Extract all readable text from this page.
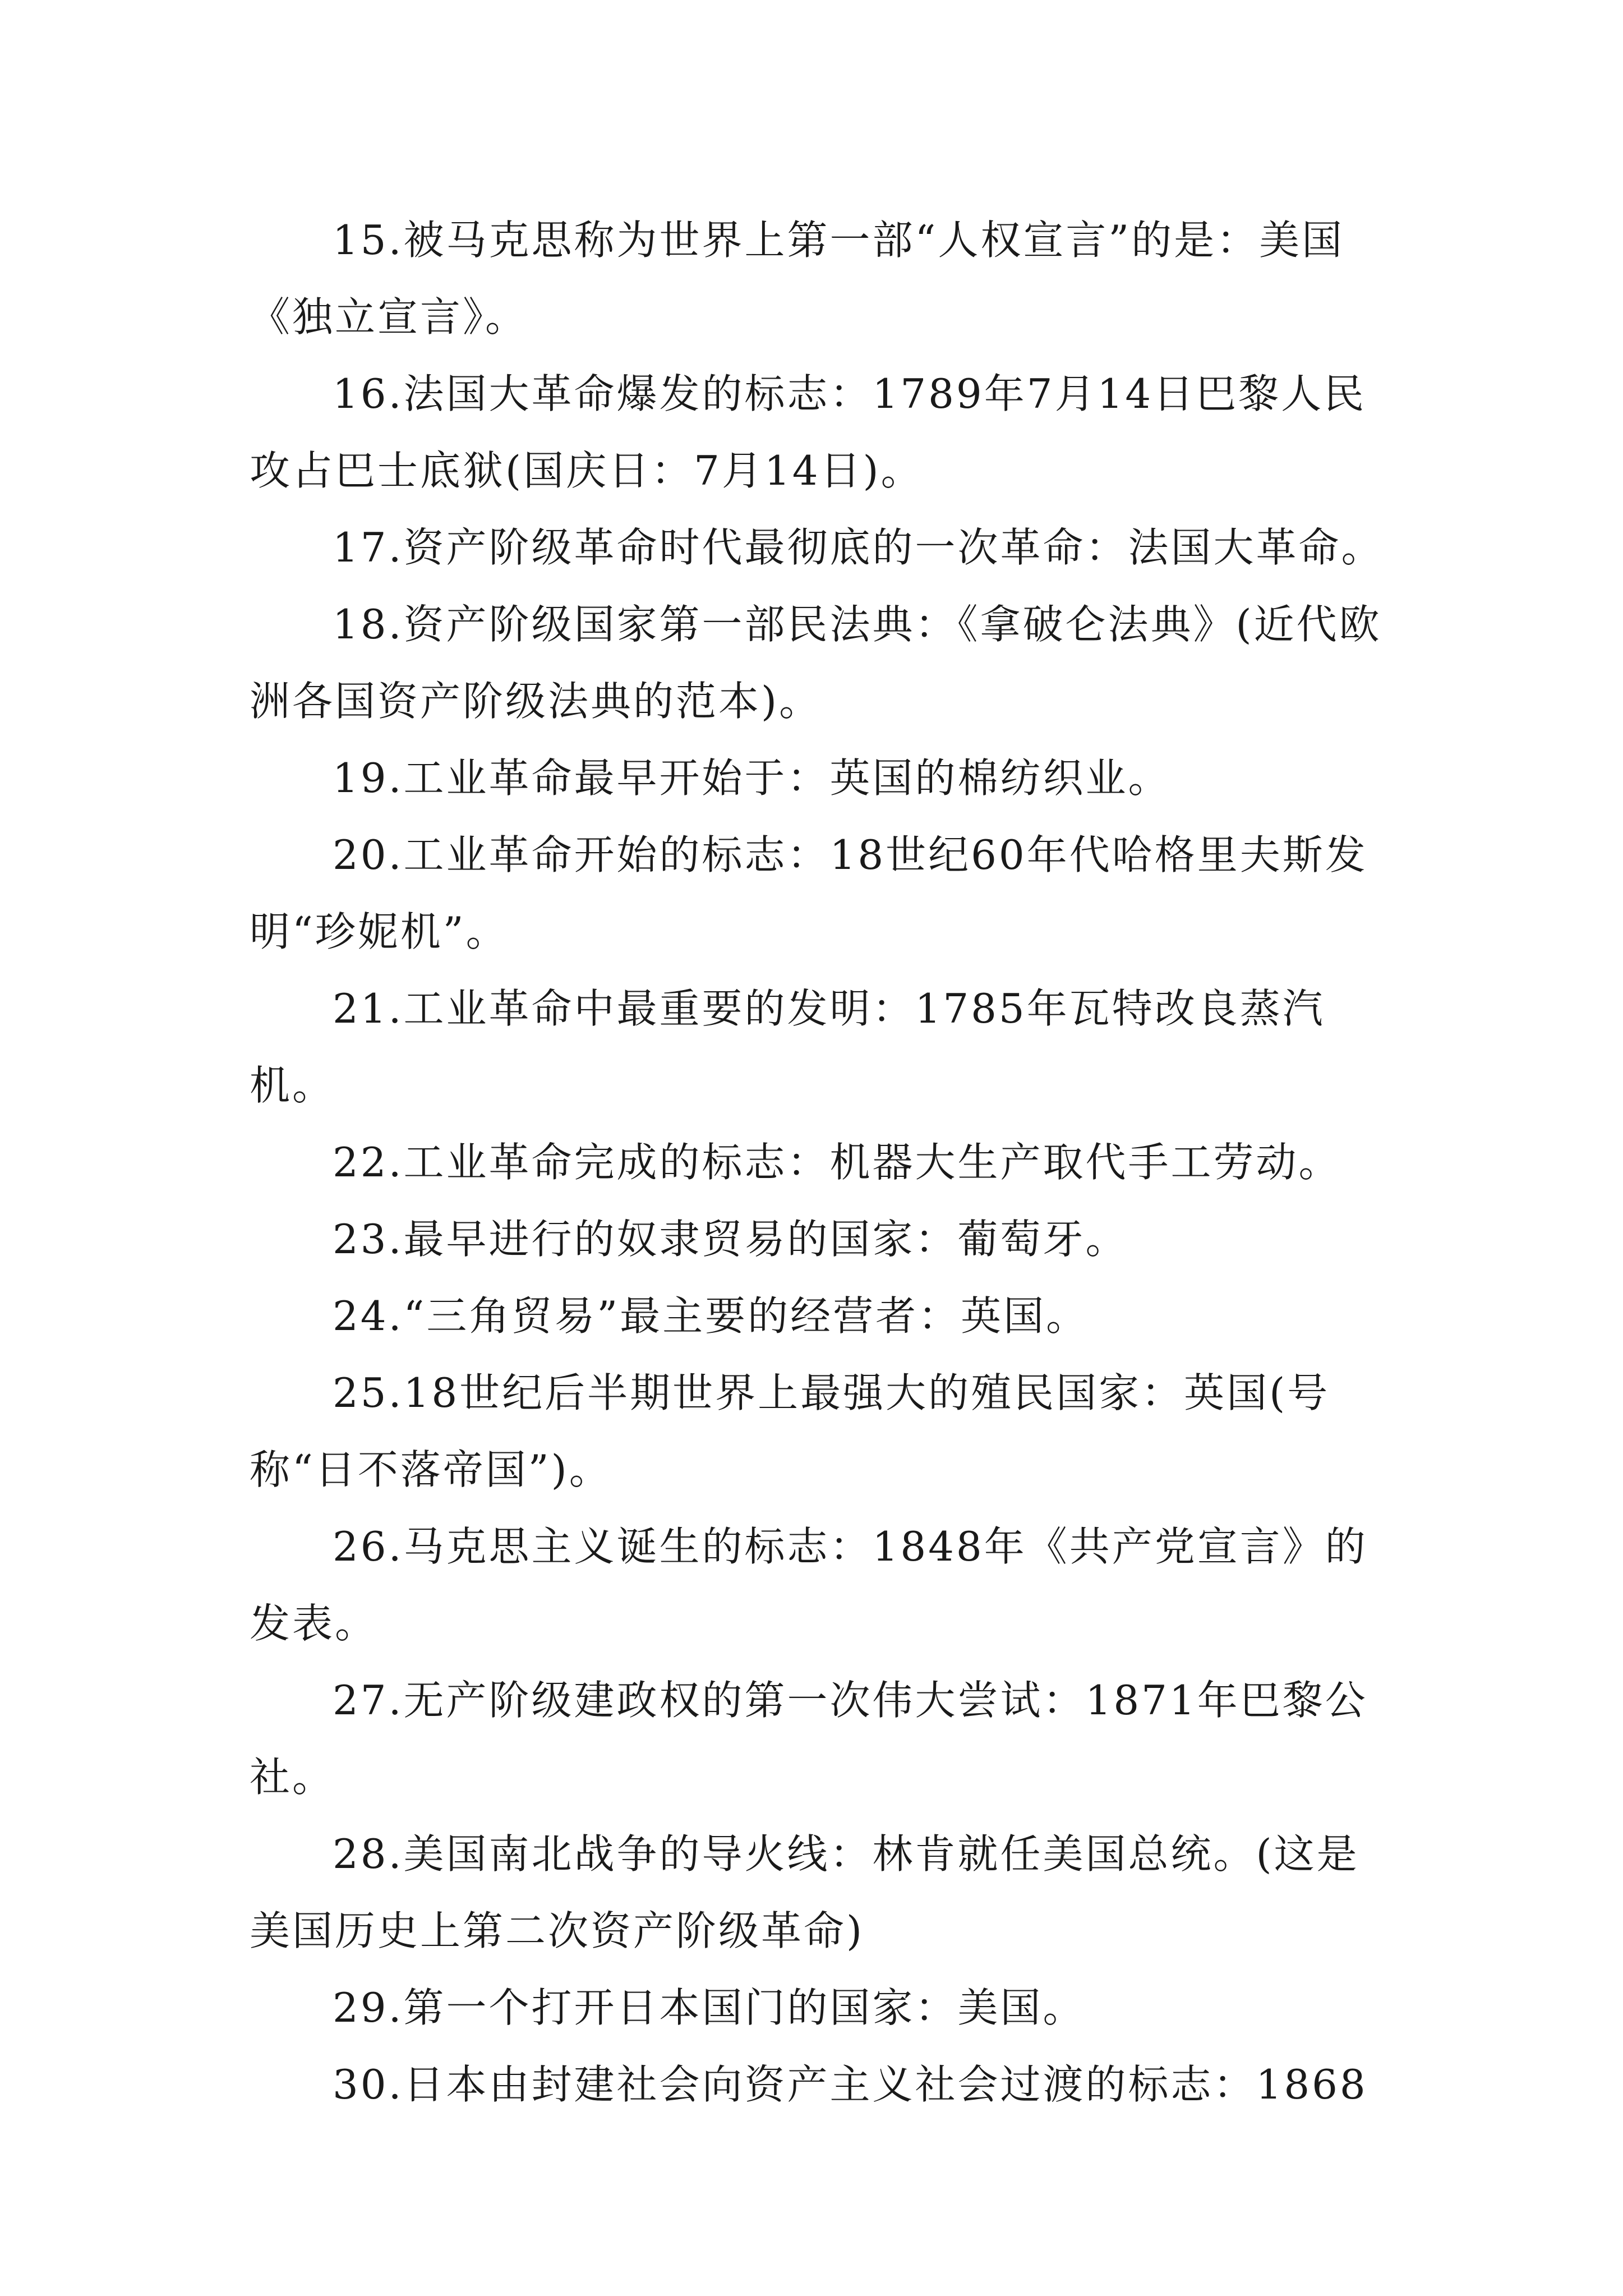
15.被马克思称为世界上第一部“人权宣言”的是：美国《独立宣言》。

16.法国大革命爆发的标志：1789年7月14日巴黎人民攻占巴士底狱(国庆日：7月14日)。

17.资产阶级革命时代最彻底的一次革命：法国大革命。

18.资产阶级国家第一部民法典：《拿破仑法典》(近代欧洲各国资产阶级法典的范本)。

19.工业革命最早开始于：英国的棉纺织业。

20.工业革命开始的标志：18世纪60年代哈格里夫斯发明“珍妮机”。

21.工业革命中最重要的发明：1785年瓦特改良蒸汽机。

22.工业革命完成的标志：机器大生产取代手工劳动。

23.最早进行的奴隶贸易的国家：葡萄牙。

24.“三角贸易”最主要的经营者：英国。

25.18世纪后半期世界上最强大的殖民国家：英国(号称“日不落帝国”)。

26.马克思主义诞生的标志：1848年《共产党宣言》的发表。

27.无产阶级建政权的第一次伟大尝试：1871年巴黎公社。

28.美国南北战争的导火线：林肯就任美国总统。(这是美国历史上第二次资产阶级革命)

29.第一个打开日本国门的国家：美国。

30.日本由封建社会向资产主义社会过渡的标志：1868
